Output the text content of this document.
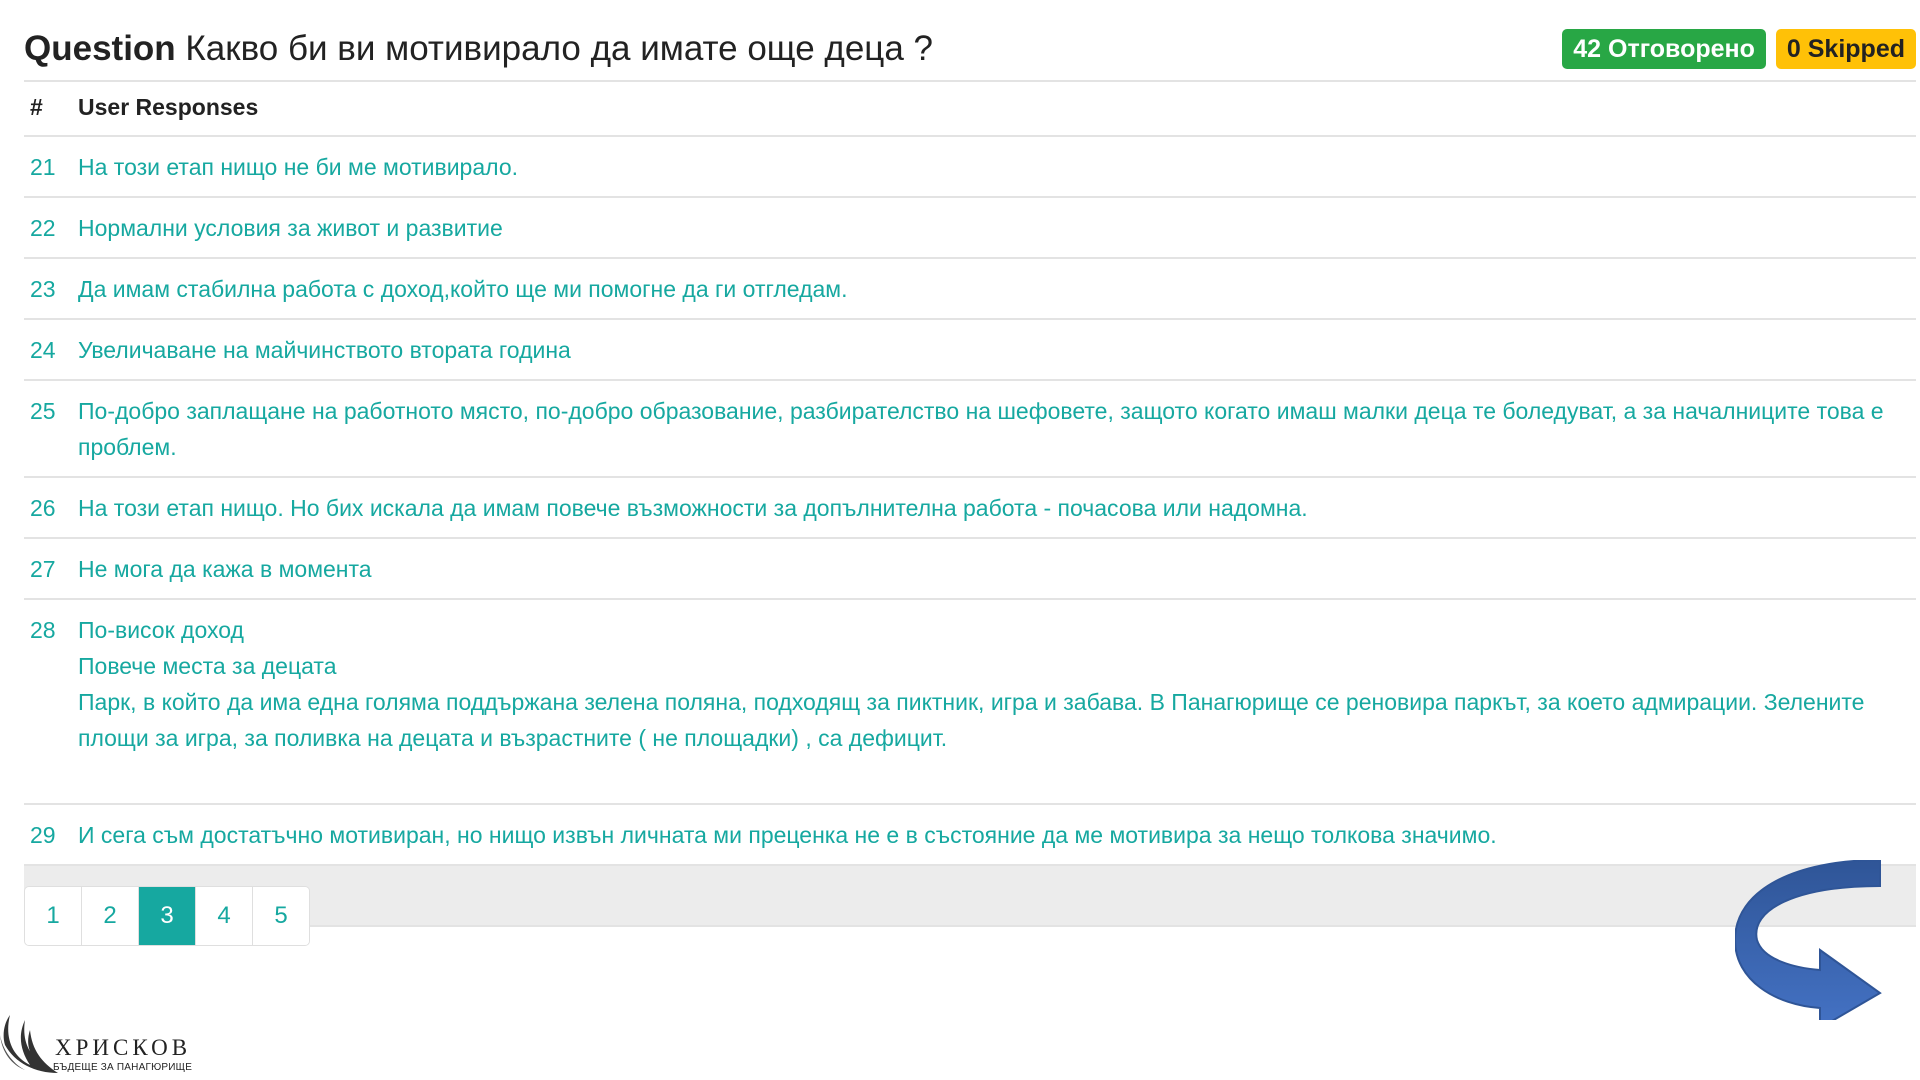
Question Какво би ви мотивирало да имате още деца ?	42 Отговорено	0 Skipped
#	User Responses
21	На този етап нищо не би ме мотивирало.

22	Нормални условия за живот и развитие

23	Да имам стабилна работа с доход,който ще ми помогне да ги отгледам.

24	Увеличаване на майчинството втората година

25	По-добро заплащане на работното място, по-добро образование, разбирателство на шефовете, защото когато имаш малки деца те боледуват, а за началниците това е проблем.

26	На този етап нищо. Но бих искала да имам повече възможности за допълнителна работа - почасова или надомна.

27	Не мога да кажа в момента

28	По-висок доход
Повече места за децата
Парк, в който да има една голяма поддържана зелена поляна, подходящ за пиктник, игра и забава. В Панагюрище се реновира паркът, за което адмирации. Зелените площи за игра, за поливка на децата и възрастните ( не площадки) , са дефицит.

29	И сега съм достатъчно мотивиран, но нищо извън личната ми преценка не е в състояние да ме мотивира за нещо толкова значимо.

1	2	3	4	5
ХРИСКОВ
БЪДЕЩЕ ЗА ПАНАГЮРИЩЕ
